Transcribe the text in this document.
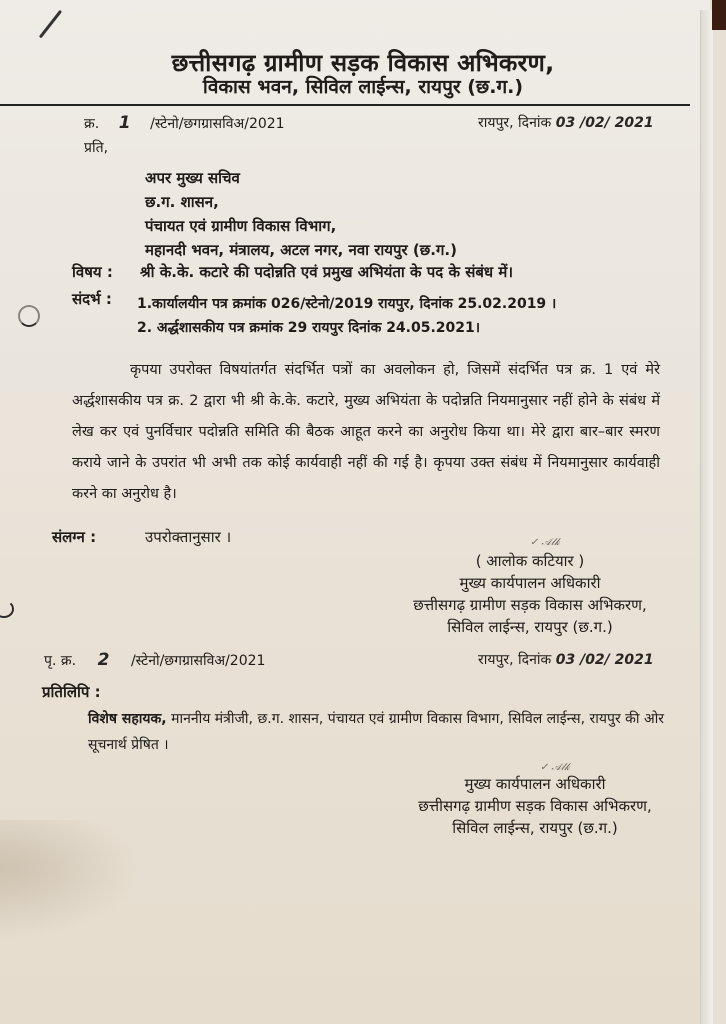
छत्तीसगढ़ ग्रामीण सड़क विकास अभिकरण,
विकास भवन, सिविल लाईन्स, रायपुर (छ.ग.)
क्र. 1 /स्टेनो/छगग्रासविअ/2021	रायपुर, दिनांक 03 /02/ 2021
प्रति,
अपर मुख्य सचिव
छ.ग. शासन,
पंचायत एवं ग्रामीण विकास विभाग,
महानदी भवन, मंत्रालय, अटल नगर, नवा रायपुर (छ.ग.)
विषय : श्री के.के. कटारे की पदोन्नति एवं प्रमुख अभियंता के पद के संबंध में।
संदर्भ : 1.कार्यालयीन पत्र क्रमांक 026/स्टेनो/2019 रायपुर, दिनांक 25.02.2019 ।
2. अर्द्धशासकीय पत्र क्रमांक 29 रायपुर दिनांक 24.05.2021।
कृपया उपरोक्त विषयांतर्गत संदर्भित पत्रों का अवलोकन हो, जिसमें संदर्भित पत्र क्र. 1 एवं मेरे अर्द्धशासकीय पत्र क्र. 2 द्वारा भी श्री के.के. कटारे, मुख्य अभियंता के पदोन्नति नियमानुसार नहीं होने के संबंध में लेख कर एवं पुनर्विचार पदोन्नति समिति की बैठक आहूत करने का अनुरोध किया था। मेरे द्वारा बार–बार स्मरण कराये जाने के उपरांत भी अभी तक कोई कार्यवाही नहीं की गई है। कृपया उक्त संबंध में नियमानुसार कार्यवाही करने का अनुरोध है।
संलग्न :	उपरोक्तानुसार ।	✓ 𝒜𝓁𝓀
( आलोक कटियार )
मुख्य कार्यपालन अधिकारी
छत्तीसगढ़ ग्रामीण सड़क विकास अभिकरण,
सिविल लाईन्स, रायपुर (छ.ग.)
पृ. क्र. 2 /स्टेनो/छगग्रासविअ/2021	रायपुर, दिनांक 03 /02/ 2021
प्रतिलिपि :
विशेष सहायक, माननीय मंत्रीजी, छ.ग. शासन, पंचायत एवं ग्रामीण विकास विभाग, सिविल लाईन्स, रायपुर की ओर सूचनार्थ प्रेषित ।
✓ 𝒜𝓁𝓀
मुख्य कार्यपालन अधिकारी
छत्तीसगढ़ ग्रामीण सड़क विकास अभिकरण,
सिविल लाईन्स, रायपुर (छ.ग.)
